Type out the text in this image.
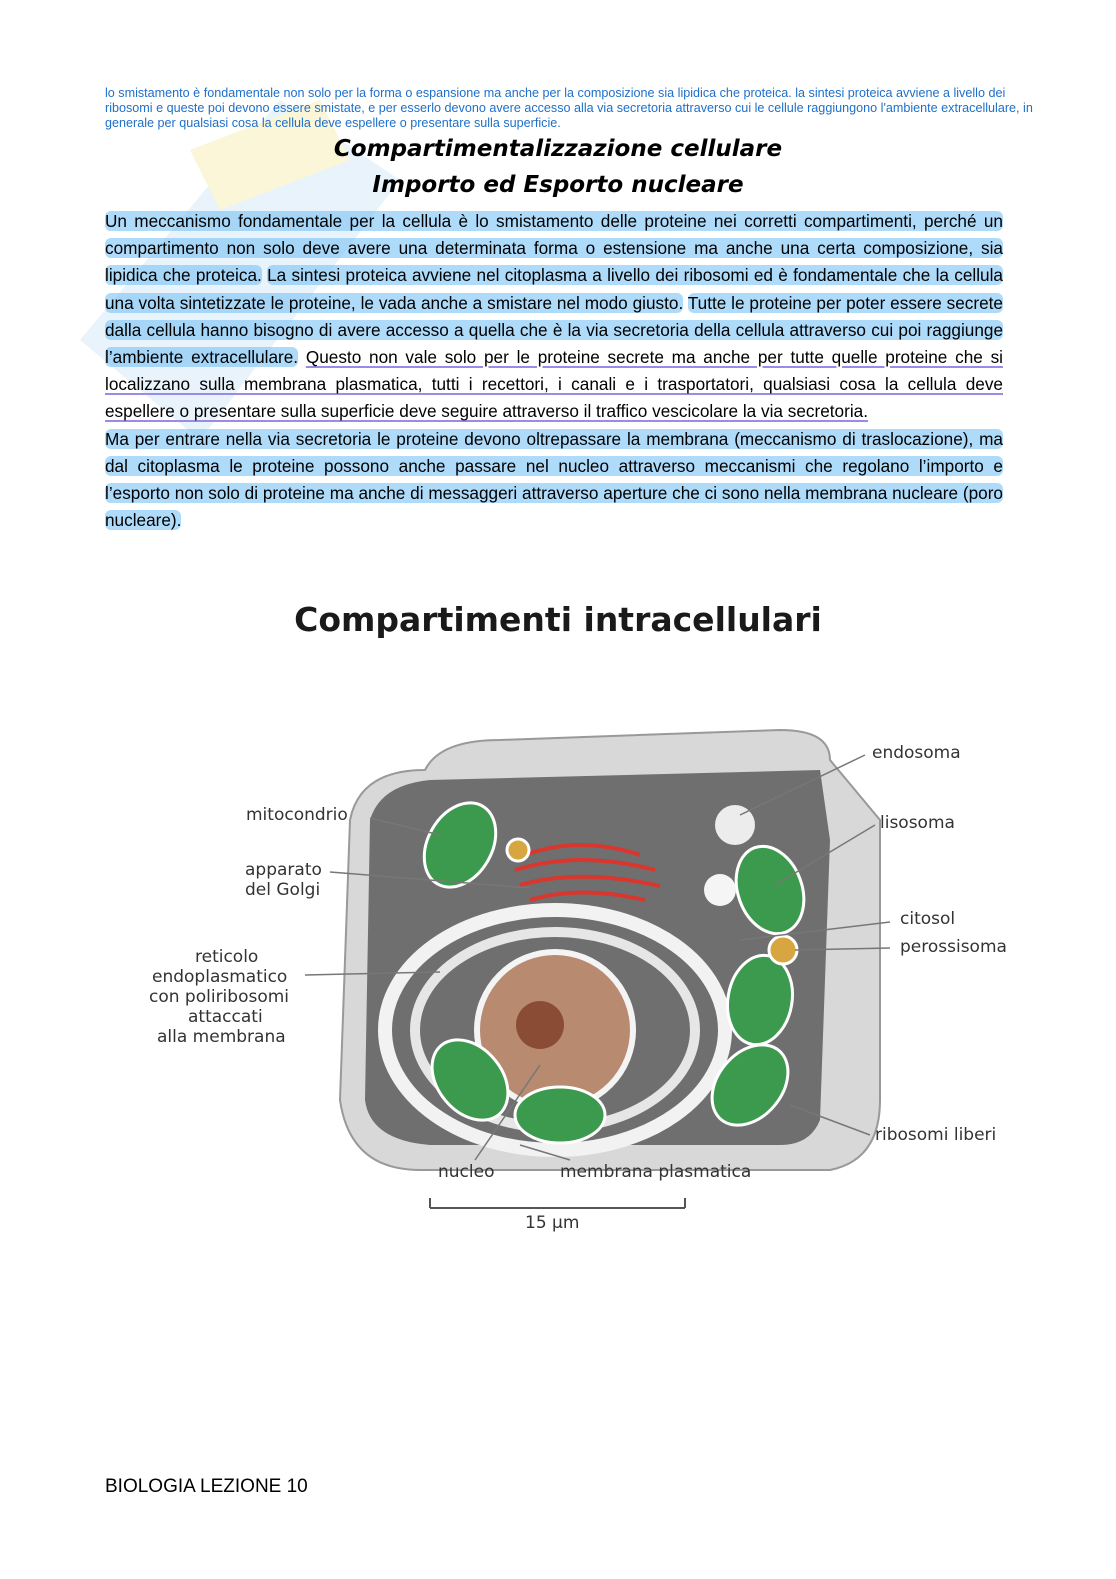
lo smistamento è fondamentale non solo per la forma o espansione ma anche per la composizione sia lipidica che proteica. la sintesi proteica avviene a livello dei ribosomi e queste poi devono essere smistate, e per esserlo devono avere accesso alla via secretoria attraverso cui le cellule raggiungono l'ambiente extracellulare, in generale per qualsiasi cosa la cellula deve espellere o presentare sulla superficie.
Compartimentalizzazione cellulare
Importo ed Esporto nucleare

Un meccanismo fondamentale per la cellula è lo smistamento delle proteine nei corretti compartimenti, perché un compartimento non solo deve avere una determinata forma o estensione ma anche una certa composizione, sia lipidica che proteica. La sintesi proteica avviene nel citoplasma a livello dei ribosomi ed è fondamentale che la cellula una volta sintetizzate le proteine, le vada anche a smistare nel modo giusto. Tutte le proteine per poter essere secrete dalla cellula hanno bisogno di avere accesso a quella che è la via secretoria della cellula attraverso cui poi raggiunge l’ambiente extracellulare. Questo non vale solo per le proteine secrete ma anche per tutte quelle proteine che si localizzano sulla membrana plasmatica, tutti i recettori, i canali e i trasportatori, qualsiasi cosa la cellula deve espellere o presentare sulla superficie deve seguire attraverso il traffico vescicolare la via secretoria.

Ma per entrare nella via secretoria le proteine devono oltrepassare la membrana (meccanismo di traslocazione), ma dal citoplasma le proteine possono anche passare nel nucleo attraverso meccanismi che regolano l’importo e l’esporto non solo di proteine ma anche di messaggeri attraverso aperture che ci sono nella membrana nucleare (poro nucleare).

Compartimenti intracellulari
endosoma
mitocondrio	lisosoma
apparato
del Golgi
citosol
perossisoma
reticolo
endoplasmatico
con poliribosomi
attaccati
alla membrana
ribosomi liberi
nucleo	membrana plasmatica
15 µm
BIOLOGIA LEZIONE 10
